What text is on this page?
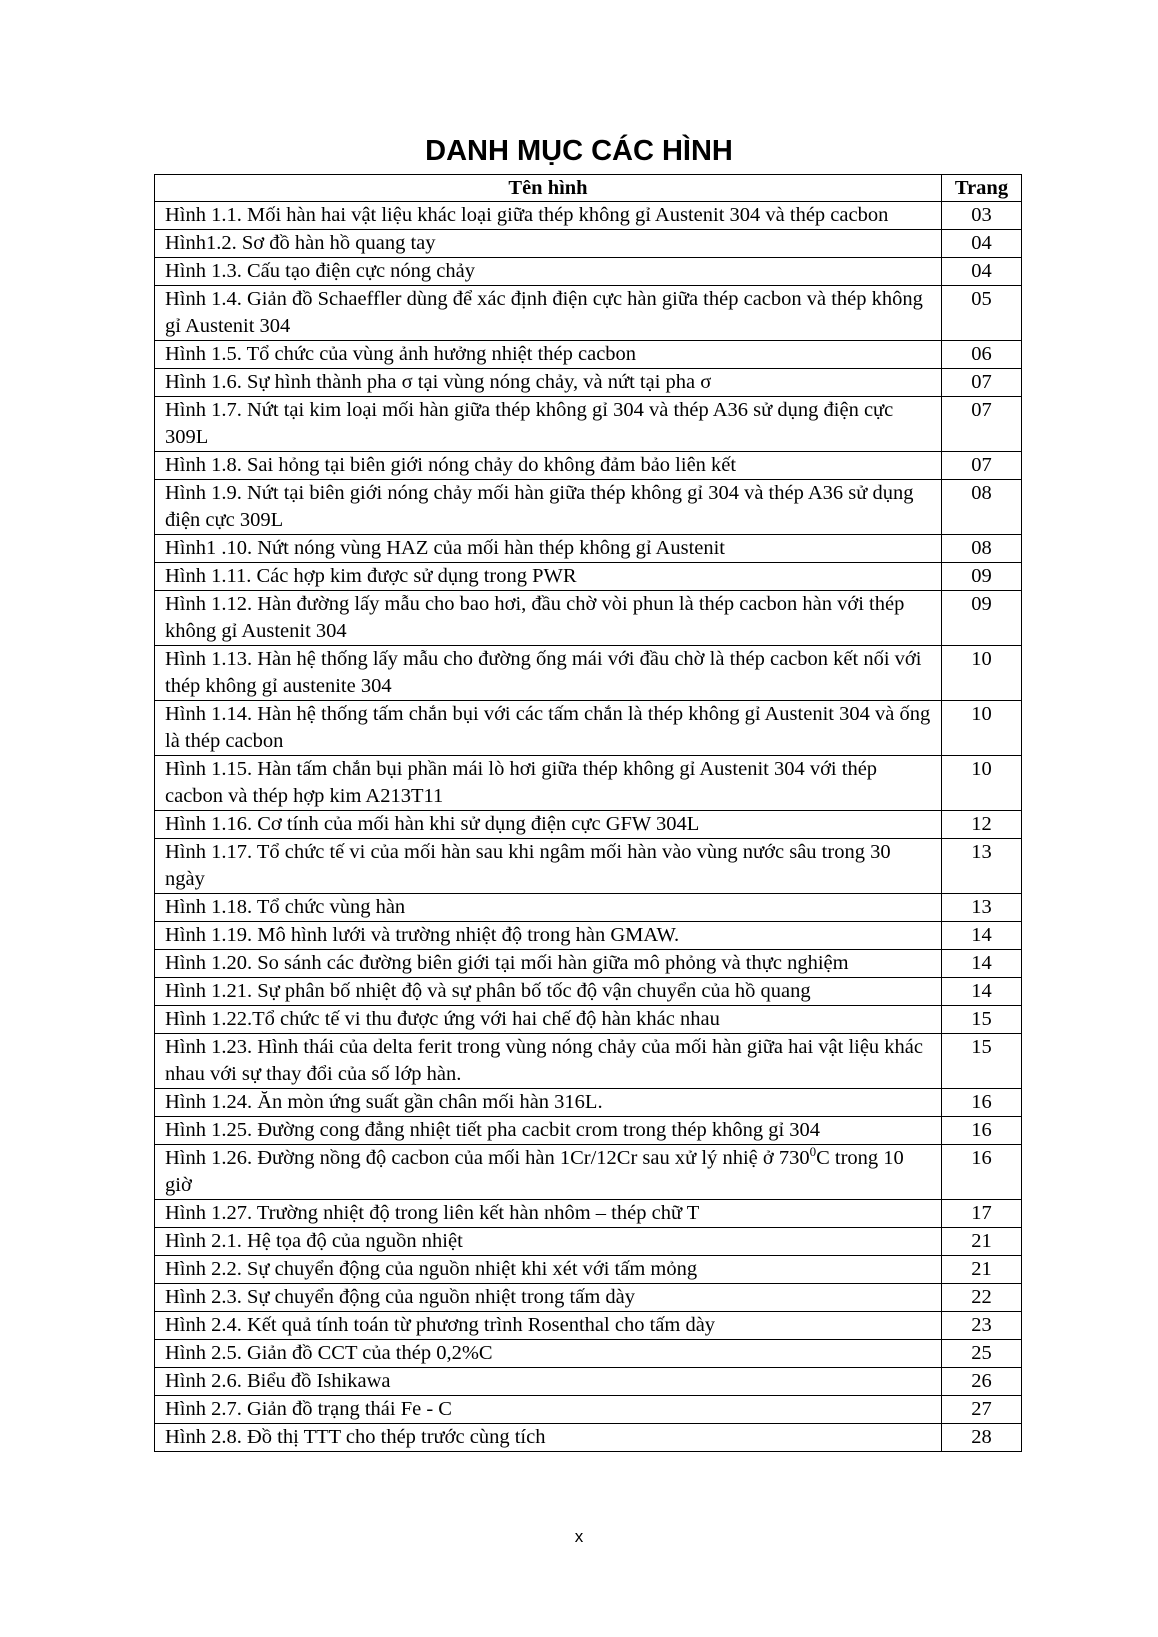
DANH MỤC CÁC HÌNH
Tên hình	Trang
Hình 1.1. Mối hàn hai vật liệu khác loại giữa thép không gỉ Austenit 304 và thép cacbon	03
Hình1.2. Sơ đồ hàn hồ quang tay	04
Hình 1.3. Cấu tạo điện cực nóng chảy	04
Hình 1.4. Giản đồ Schaeffler dùng để xác định điện cực hàn giữa thép cacbon và thép không gỉ Austenit 304	05
Hình 1.5. Tổ chức của vùng ảnh hưởng nhiệt thép cacbon	06
Hình 1.6. Sự hình thành pha σ tại vùng nóng chảy, và nứt tại pha σ	07
Hình 1.7. Nứt tại kim loại mối hàn giữa thép không gỉ 304 và thép A36 sử dụng điện cực 309L	07
Hình 1.8. Sai hỏng tại biên giới nóng chảy do không đảm bảo liên kết	07
Hình 1.9. Nứt tại biên giới nóng chảy mối hàn giữa thép không gỉ 304 và thép A36 sử dụng điện cực 309L	08
Hình1 .10. Nứt nóng vùng HAZ của mối hàn thép không gỉ Austenit	08
Hình 1.11. Các hợp kim được sử dụng trong PWR	09
Hình 1.12. Hàn đường lấy mẫu cho bao hơi, đầu chờ vòi phun là thép cacbon hàn với thép không gỉ Austenit 304	09
Hình 1.13. Hàn hệ thống lấy mẫu cho đường ống mái với đầu chờ là thép cacbon kết nối với thép không gỉ austenite 304	10
Hình 1.14. Hàn hệ thống tấm chắn bụi với các tấm chắn là thép không gỉ Austenit 304 và ống là thép cacbon	10
Hình 1.15. Hàn tấm chắn bụi phần mái lò hơi giữa thép không gỉ Austenit 304 với thép cacbon và thép hợp kim A213T11	10
Hình 1.16. Cơ tính của mối hàn khi sử dụng điện cực GFW 304L	12
Hình 1.17. Tổ chức tế vi của mối hàn sau khi ngâm mối hàn vào vùng nước sâu trong 30 ngày	13
Hình 1.18. Tổ chức vùng hàn	13
Hình 1.19. Mô hình lưới và trường nhiệt độ trong hàn GMAW.	14
Hình 1.20. So sánh các đường biên giới tại mối hàn giữa mô phỏng và thực nghiệm	14
Hình 1.21. Sự phân bố nhiệt độ và sự phân bố tốc độ vận chuyển của hồ quang	14
Hình 1.22.Tổ chức tế vi thu được ứng với hai chế độ hàn khác nhau	15
Hình 1.23. Hình thái của delta ferit trong vùng nóng chảy của mối hàn giữa hai vật liệu khác nhau với sự thay đổi của số lớp hàn.	15
Hình 1.24. Ăn mòn ứng suất gần chân mối hàn 316L.	16
Hình 1.25. Đường cong đẳng nhiệt tiết pha cacbit crom trong thép không gỉ 304	16
Hình 1.26. Đường nồng độ cacbon của mối hàn 1Cr/12Cr sau xử lý nhiệ ở $730^0C$ trong 10 giờ	16
Hình 1.27. Trường nhiệt độ trong liên kết hàn nhôm – thép chữ T	17
Hình 2.1. Hệ tọa độ của nguồn nhiệt	21
Hình 2.2. Sự chuyển động của nguồn nhiệt khi xét với tấm mỏng	21
Hình 2.3. Sự chuyển động của nguồn nhiệt trong tấm dày	22
Hình 2.4. Kết quả tính toán từ phương trình Rosenthal cho tấm dày	23
Hình 2.5. Giản đồ CCT của thép 0,2%C	25
Hình 2.6. Biểu đồ Ishikawa	26
Hình 2.7. Giản đồ trạng thái Fe - C	27
Hình 2.8. Đồ thị TTT cho thép trước cùng tích	28
x
